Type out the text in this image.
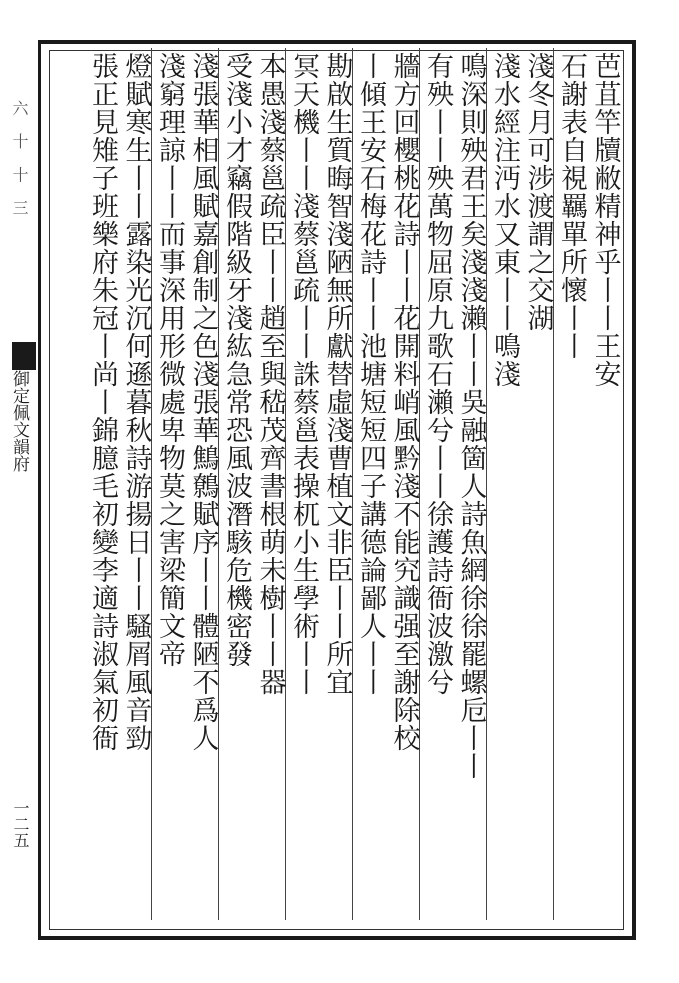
六 十 十 三
御定佩文韻府
一二五
芭苴竿牘敝精神乎丨丨王安
石謝表自視羈單所懷丨丨
淺冬月可涉渡謂之交湖
淺水經注沔水又東丨丨鳴淺
鳴深則殃君王矣淺淺瀨丨丨吳融箇人詩魚網徐徐罷螺卮丨丨
有殃丨丨殃萬物屈原九歌石瀨兮丨丨徐護詩衙波激兮
牆方回櫻桃花詩丨丨花開料峭風黔淺不能究識强至謝除校
丨傾王安石梅花詩丨丨池塘短短四子講德論鄙人丨丨
勘啟生質晦智淺陋無所獻替虛淺曹植文非臣丨丨所宜
冥天機丨丨淺蔡邕疏丨丨誅蔡邕表操杌小生學術丨丨
本愚淺蔡邕疏臣丨丨趙至與嵇茂齊書根萌未樹丨丨器
受淺小才竊假階級牙淺紘急常恐風波潛駭危機密發
淺張華相風賦嘉創制之色淺張華鷦鷯賦序丨丨體陋不爲人
淺窮理諒丨丨而事深用形微處卑物莫之害梁簡文帝
燈賦寒生丨丨露染光沉何遜暮秋詩游揚日丨丨騷屑風音勁
張正見雉子班樂府朱冠丨尚丨錦臆毛初變李適詩淑氣初衙
